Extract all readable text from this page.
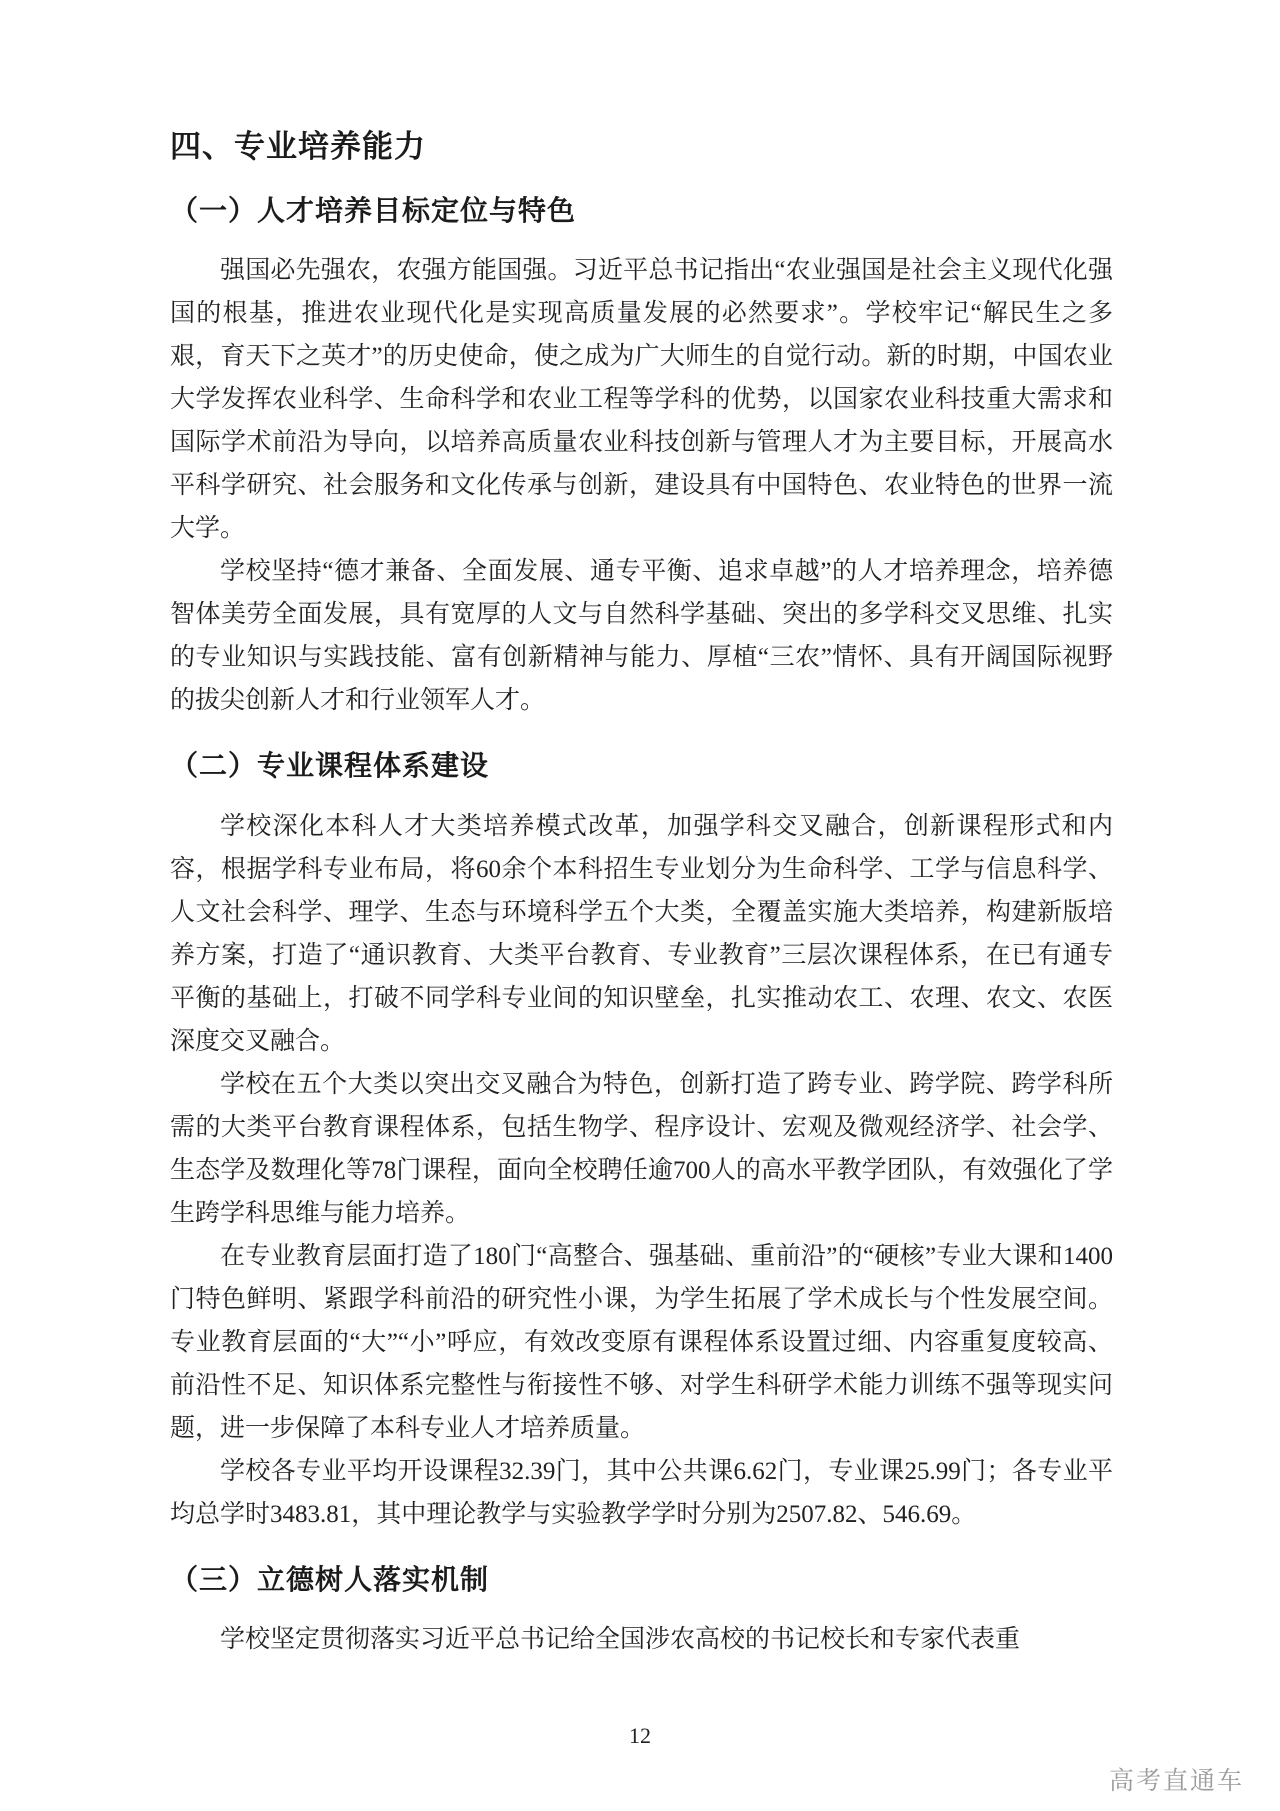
四、专业培养能力
（一）人才培养目标定位与特色

强国必先强农，农强方能国强。习近平总书记指出“农业强国是社会主义现代化强国的根基，推进农业现代化是实现高质量发展的必然要求”。学校牢记“解民生之多艰，育天下之英才”的历史使命，使之成为广大师生的自觉行动。新的时期，中国农业大学发挥农业科学、生命科学和农业工程等学科的优势，以国家农业科技重大需求和国际学术前沿为导向，以培养高质量农业科技创新与管理人才为主要目标，开展高水平科学研究、社会服务和文化传承与创新，建设具有中国特色、农业特色的世界一流大学。

学校坚持“德才兼备、全面发展、通专平衡、追求卓越”的人才培养理念，培养德智体美劳全面发展，具有宽厚的人文与自然科学基础、突出的多学科交叉思维、扎实的专业知识与实践技能、富有创新精神与能力、厚植“三农”情怀、具有开阔国际视野的拔尖创新人才和行业领军人才。

（二）专业课程体系建设

学校深化本科人才大类培养模式改革，加强学科交叉融合，创新课程形式和内容，根据学科专业布局，将60余个本科招生专业划分为生命科学、工学与信息科学、人文社会科学、理学、生态与环境科学五个大类，全覆盖实施大类培养，构建新版培养方案，打造了“通识教育、大类平台教育、专业教育”三层次课程体系，在已有通专平衡的基础上，打破不同学科专业间的知识壁垒，扎实推动农工、农理、农文、农医深度交叉融合。

学校在五个大类以突出交叉融合为特色，创新打造了跨专业、跨学院、跨学科所需的大类平台教育课程体系，包括生物学、程序设计、宏观及微观经济学、社会学、生态学及数理化等78门课程，面向全校聘任逾700人的高水平教学团队，有效强化了学生跨学科思维与能力培养。

在专业教育层面打造了180门“高整合、强基础、重前沿”的“硬核”专业大课和1400门特色鲜明、紧跟学科前沿的研究性小课，为学生拓展了学术成长与个性发展空间。专业教育层面的“大”“小”呼应，有效改变原有课程体系设置过细、内容重复度较高、前沿性不足、知识体系完整性与衔接性不够、对学生科研学术能力训练不强等现实问题，进一步保障了本科专业人才培养质量。

学校各专业平均开设课程32.39门，其中公共课6.62门，专业课25.99门；各专业平均总学时3483.81，其中理论教学与实验教学学时分别为2507.82、546.69。

（三）立德树人落实机制

学校坚定贯彻落实习近平总书记给全国涉农高校的书记校长和专家代表重

12
高考直通车
